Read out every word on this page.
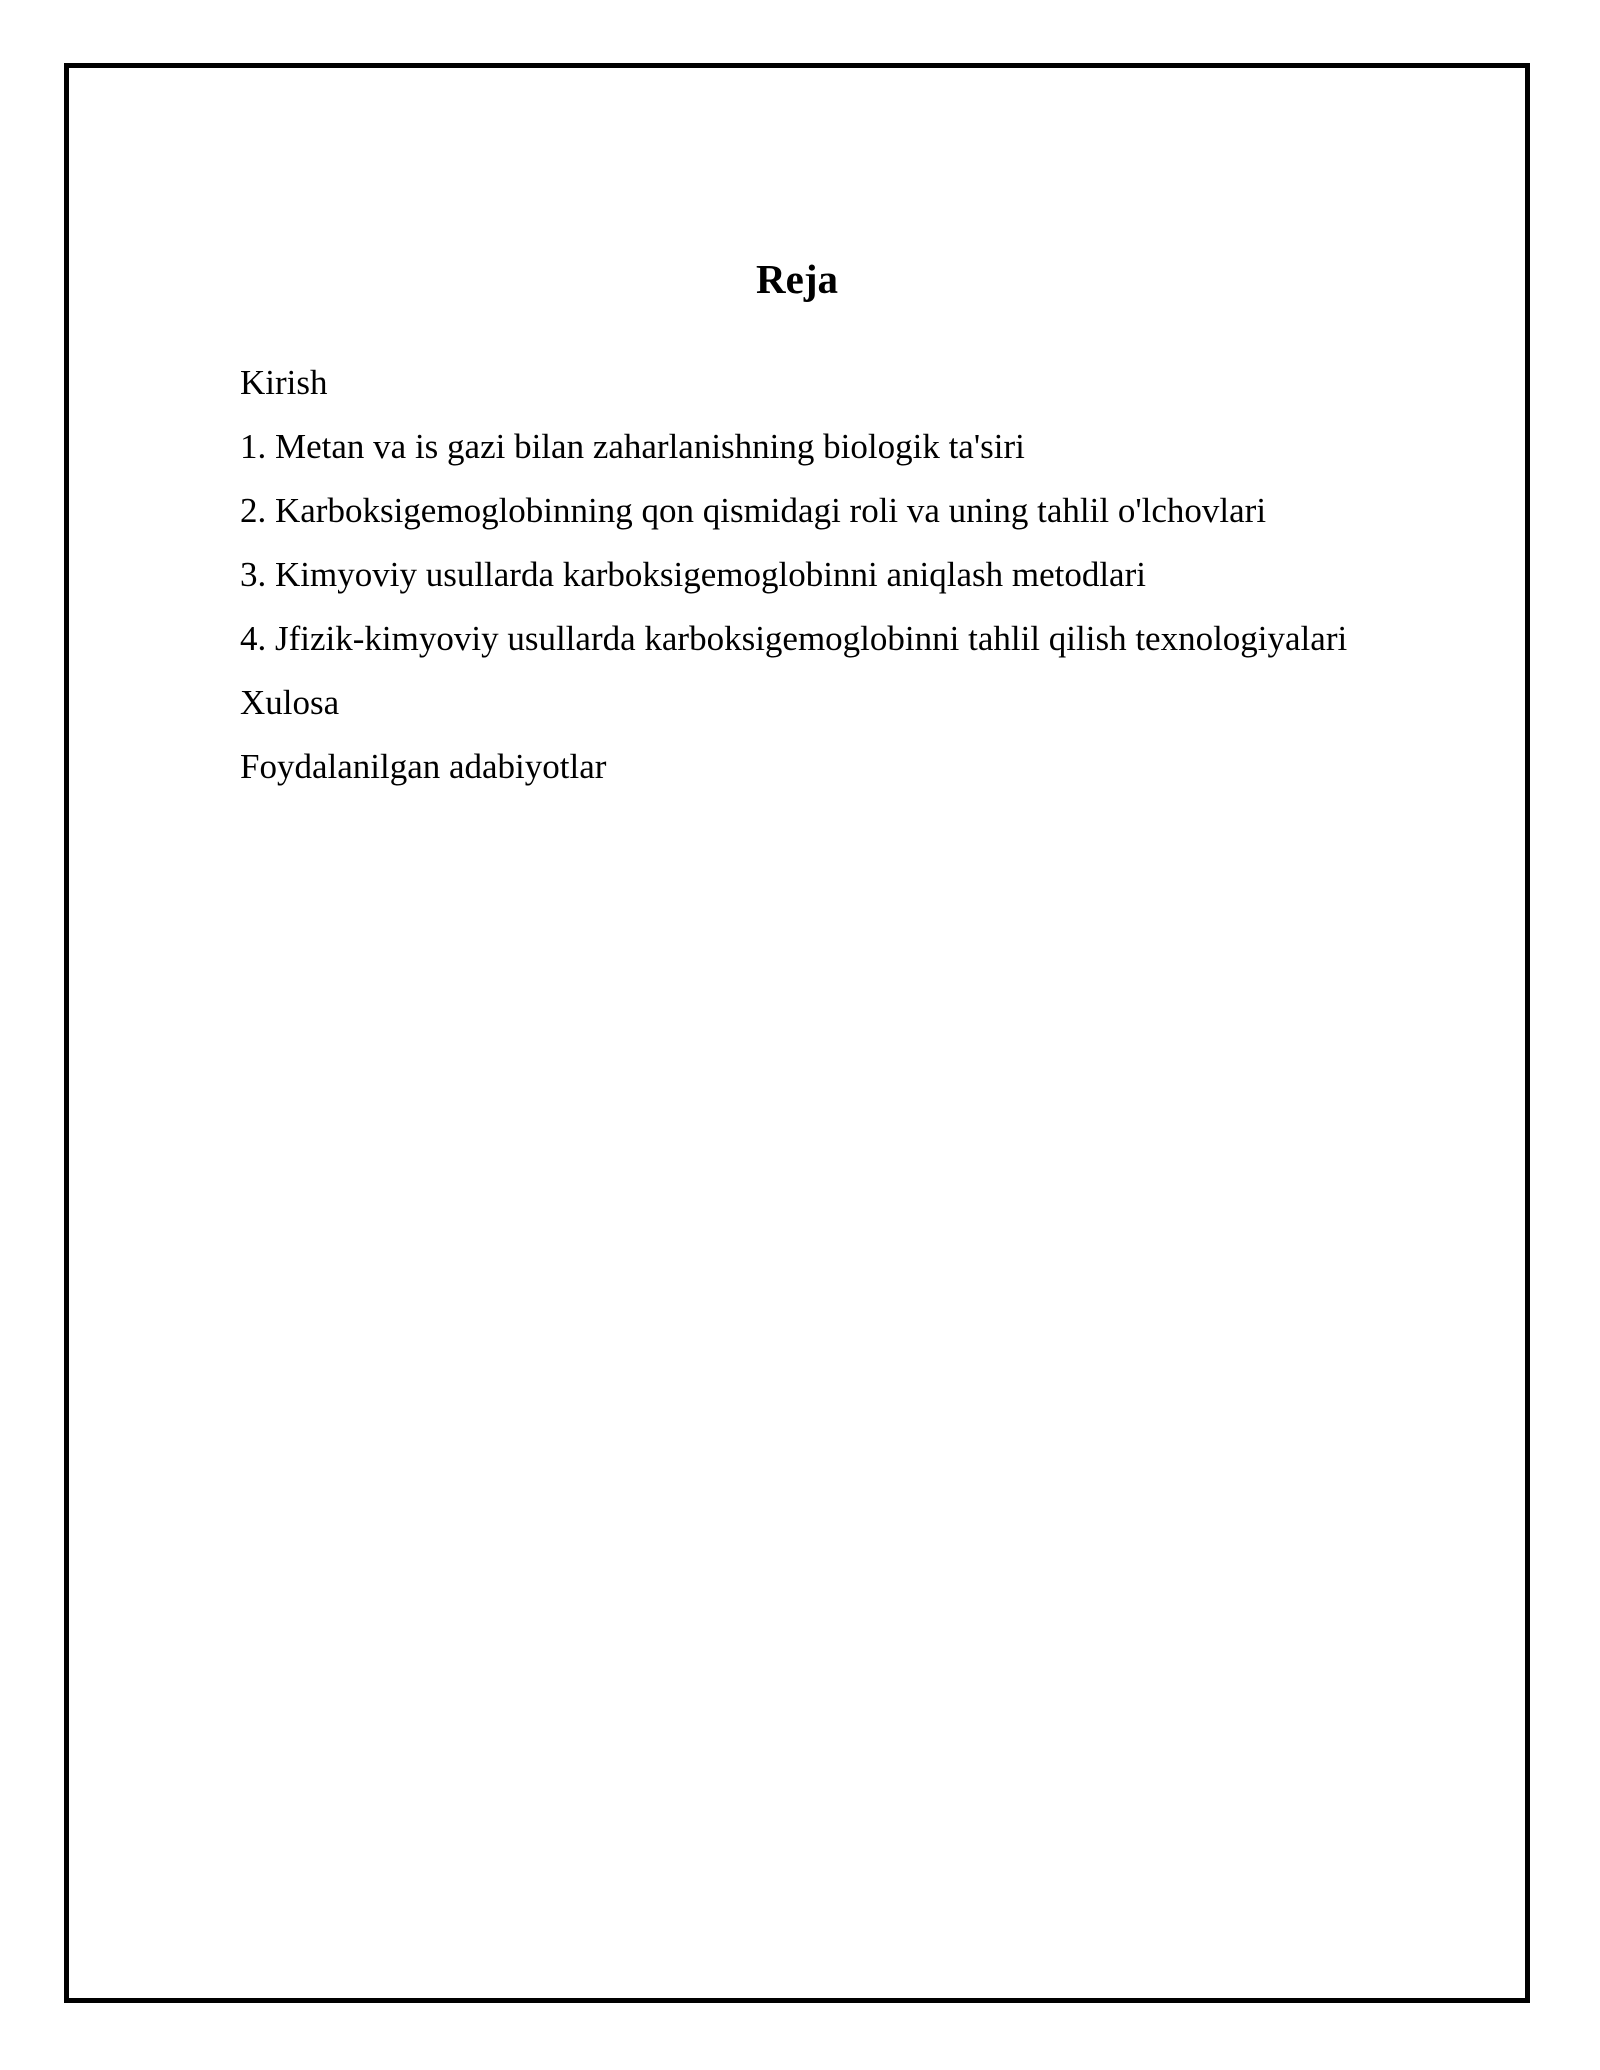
Reja

Kirish

1. Metan va is gazi bilan zaharlanishning biologik ta'siri

2. Karboksigemoglobinning qon qismidagi roli va uning tahlil o'lchovlari

3. Kimyoviy usullarda karboksigemoglobinni aniqlash metodlari

4. Jfizik-kimyoviy usullarda karboksigemoglobinni tahlil qilish texnologiyalari

Xulosa

Foydalanilgan adabiyotlar
